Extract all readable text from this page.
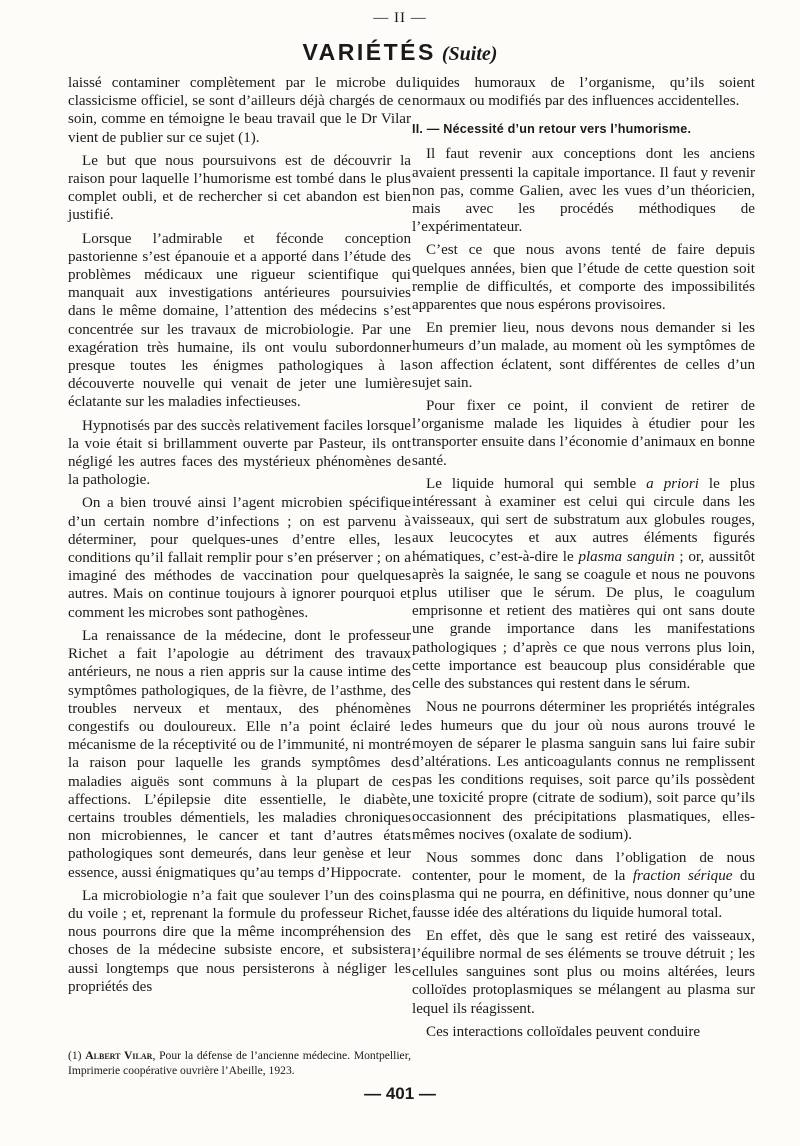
— II —
VARIÉTÉS (Suite)

laissé contaminer complètement par le microbe du classicisme officiel, se sont d’ailleurs déjà chargés de ce soin, comme en témoigne le beau travail que le Dr Vilar vient de publier sur ce sujet (1).

Le but que nous poursuivons est de découvrir la raison pour laquelle l’humorisme est tombé dans le plus complet oubli, et de rechercher si cet abandon est bien justifié.

Lorsque l’admirable et féconde conception pastorienne s’est épanouie et a apporté dans l’étude des problèmes médicaux une rigueur scientifique qui manquait aux investigations antérieures poursuivies dans le même domaine, l’attention des médecins s’est concentrée sur les travaux de microbiologie. Par une exagération très humaine, ils ont voulu subordonner presque toutes les énigmes pathologiques à la découverte nouvelle qui venait de jeter une lumière éclatante sur les maladies infectieuses.

Hypnotisés par des succès relativement faciles lorsque la voie était si brillamment ouverte par Pasteur, ils ont négligé les autres faces des mystérieux phénomènes de la pathologie.

On a bien trouvé ainsi l’agent microbien spécifique d’un certain nombre d’infections ; on est parvenu à déterminer, pour quelques-unes d’entre elles, les conditions qu’il fallait remplir pour s’en préserver ; on a imaginé des méthodes de vaccination pour quelques autres. Mais on continue toujours à ignorer pourquoi et comment les microbes sont pathogènes.

La renaissance de la médecine, dont le professeur Richet a fait l’apologie au détriment des travaux antérieurs, ne nous a rien appris sur la cause intime des symptômes pathologiques, de la fièvre, de l’asthme, des troubles nerveux et mentaux, des phénomènes congestifs ou douloureux. Elle n’a point éclairé le mécanisme de la réceptivité ou de l’immunité, ni montré la raison pour laquelle les grands symptômes des maladies aiguës sont communs à la plupart de ces affections. L’épilepsie dite essentielle, le diabète, certains troubles démentiels, les maladies chroniques non microbiennes, le cancer et tant d’autres états pathologiques sont demeurés, dans leur genèse et leur essence, aussi énigmatiques qu’au temps d’Hippocrate.

La microbiologie n’a fait que soulever l’un des coins du voile ; et, reprenant la formule du professeur Richet, nous pourrons dire que la même incompréhension des choses de la médecine subsiste encore, et subsistera aussi longtemps que nous persisterons à négliger les propriétés des

(1) Albert Vilar, Pour la défense de l’ancienne médecine. Montpellier, Imprimerie coopérative ouvrière l’Abeille, 1923.

liquides humoraux de l’organisme, qu’ils soient normaux ou modifiés par des influences accidentelles.

II. — Nécessité d’un retour vers l’humorisme.

Il faut revenir aux conceptions dont les anciens avaient pressenti la capitale importance. Il faut y revenir non pas, comme Galien, avec les vues d’un théoricien, mais avec les procédés méthodiques de l’expérimentateur.

C’est ce que nous avons tenté de faire depuis quelques années, bien que l’étude de cette question soit remplie de difficultés, et comporte des impossibilités apparentes que nous espérons provisoires.

En premier lieu, nous devons nous demander si les humeurs d’un malade, au moment où les symptômes de son affection éclatent, sont différentes de celles d’un sujet sain.

Pour fixer ce point, il convient de retirer de l’organisme malade les liquides à étudier pour les transporter ensuite dans l’économie d’animaux en bonne santé.

Le liquide humoral qui semble a priori le plus intéressant à examiner est celui qui circule dans les vaisseaux, qui sert de substratum aux globules rouges, aux leucocytes et aux autres éléments figurés hématiques, c’est-à-dire le plasma sanguin ; or, aussitôt après la saignée, le sang se coagule et nous ne pouvons plus utiliser que le sérum. De plus, le coagulum emprisonne et retient des matières qui ont sans doute une grande importance dans les manifestations pathologiques ; d’après ce que nous verrons plus loin, cette importance est beaucoup plus considérable que celle des substances qui restent dans le sérum.

Nous ne pourrons déterminer les propriétés intégrales des humeurs que du jour où nous aurons trouvé le moyen de séparer le plasma sanguin sans lui faire subir d’altérations. Les anticoagulants connus ne remplissent pas les conditions requises, soit parce qu’ils possèdent une toxicité propre (citrate de sodium), soit parce qu’ils occasionnent des précipitations plasmatiques, elles-mêmes nocives (oxalate de sodium).

Nous sommes donc dans l’obligation de nous contenter, pour le moment, de la fraction sérique du plasma qui ne pourra, en définitive, nous donner qu’une fausse idée des altérations du liquide humoral total.

En effet, dès que le sang est retiré des vaisseaux, l’équilibre normal de ses éléments se trouve détruit ; les cellules sanguines sont plus ou moins altérées, leurs colloïdes protoplasmiques se mélangent au plasma sur lequel ils réagissent.

Ces interactions colloïdales peuvent conduire

— 401 —
